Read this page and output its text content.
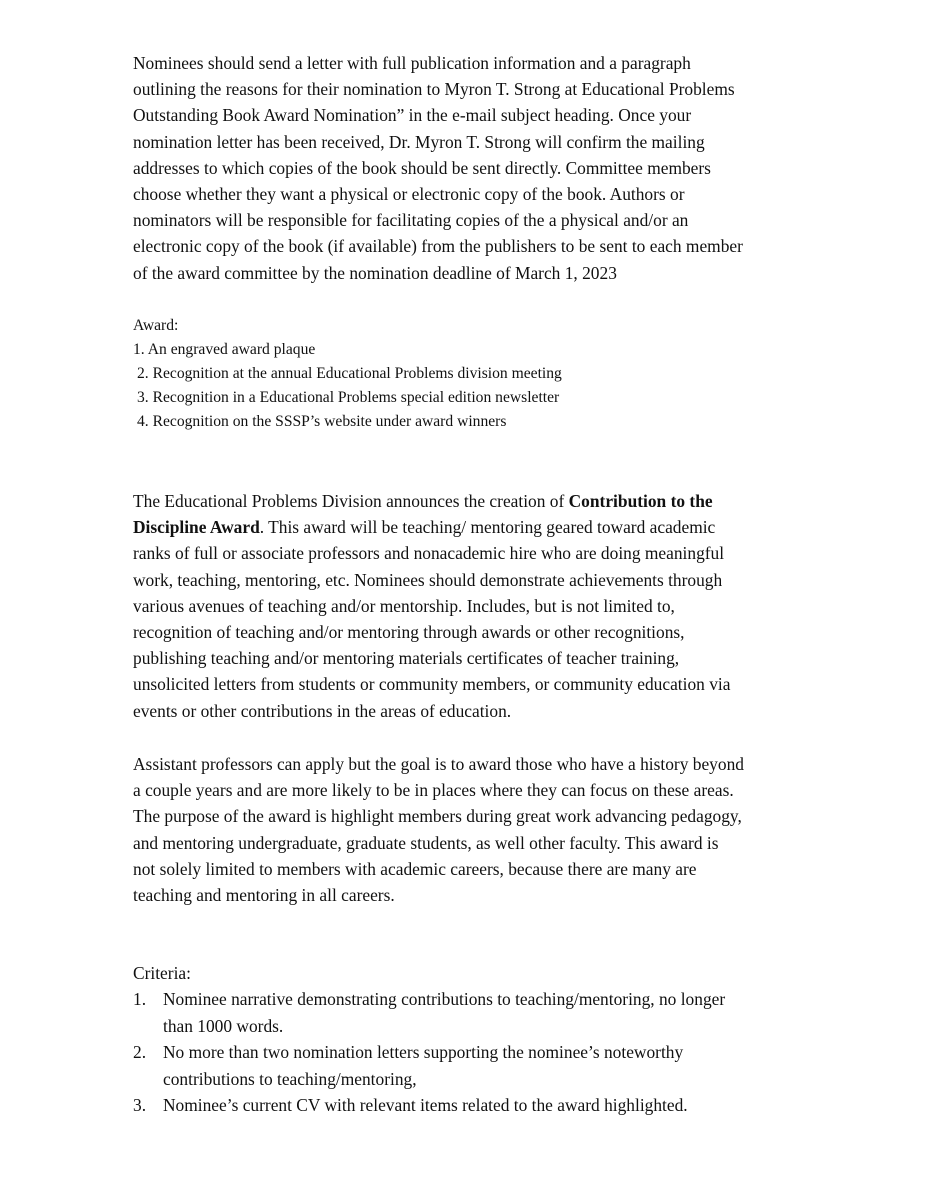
Nominees should send a letter with full publication information and a paragraph
outlining the reasons for their nomination to Myron T. Strong at Educational Problems
Outstanding Book Award Nomination” in the e-mail subject heading. Once your
nomination letter has been received, Dr. Myron T. Strong will confirm the mailing
addresses to which copies of the book should be sent directly. Committee members
choose whether they want a physical or electronic copy of the book. Authors or
nominators will be responsible for facilitating copies of the a physical and/or an
electronic copy of the book (if available) from the publishers to be sent to each member
of the award committee by the nomination deadline of March 1, 2023

Award:
1. An engraved award plaque
2. Recognition at the annual Educational Problems division meeting
3. Recognition in a Educational Problems special edition newsletter
4. Recognition on the SSSP’s website under award winners

The Educational Problems Division announces the creation of Contribution to the
Discipline Award. This award will be teaching/ mentoring geared toward academic
ranks of full or associate professors and nonacademic hire who are doing meaningful
work, teaching, mentoring, etc. Nominees should demonstrate achievements through
various avenues of teaching and/or mentorship. Includes, but is not limited to,
recognition of teaching and/or mentoring through awards or other recognitions,
publishing teaching and/or mentoring materials certificates of teacher training,
unsolicited letters from students or community members, or community education via
events or other contributions in the areas of education.

Assistant professors can apply but the goal is to award those who have a history beyond
a couple years and are more likely to be in places where they can focus on these areas.
The purpose of the award is highlight members during great work advancing pedagogy,
and mentoring undergraduate, graduate students, as well other faculty. This award is
not solely limited to members with academic careers, because there are many are
teaching and mentoring in all careers.

Criteria:
1. Nominee narrative demonstrating contributions to teaching/mentoring, no longer
than 1000 words.
2. No more than two nomination letters supporting the nominee’s noteworthy
contributions to teaching/mentoring,
3. Nominee’s current CV with relevant items related to the award highlighted.
